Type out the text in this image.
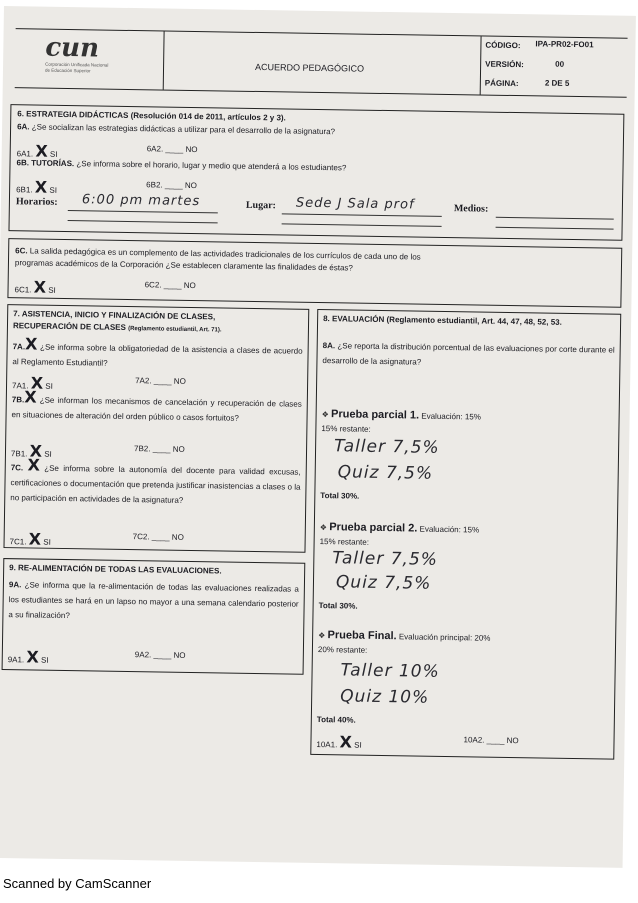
cun
Corporación Unificada Nacional
de Educación Superior	ACUERDO PEDAGÓGICO
CÓDIGO: IPA-PR02-FO01
VERSIÓN:	00
PÁGINA:	2 DE 5
6. ESTRATEGIA DIDÁCTICAS (Resolución 014 de 2011, artículos 2 y 3).
6A. ¿Se socializan las estrategias didácticas a utilizar para el desarrollo de la asignatura?
6A1. X SI
6A2. ____ NO
6B. TUTORÍAS. ¿Se informa sobre el horario, lugar y medio que atenderá a los estudiantes?
6B1. X SI
6B2. ____ NO
Horarios: 6:00 pm martes	Lugar: Sede J Sala prof	Medios:
6C. La salida pedagógica es un complemento de las actividades tradicionales de los currículos de cada uno de los
programas académicos de la Corporación ¿Se establecen claramente las finalidades de éstas?
6C1. X SI
6C2. ____ NO
7. ASISTENCIA, INICIO Y FINALIZACIÓN DE CLASES,
RECUPERACIÓN DE CLASES (Reglamento estudiantil, Art. 71).
7A.X ¿Se informa sobre la obligatoriedad de la asistencia a clases de acuerdo al Reglamento Estudiantil?
7A1. X SI
7A2. ____ NO
7B.X ¿Se informan los mecanismos de cancelación y recuperación de clases en situaciones de alteración del orden público o casos fortuitos?
7B1. X SI
7B2. ____ NO
7C. X ¿Se informa sobre la autonomía del docente para validad excusas, certificaciones o documentación que pretenda justificar inasistencias a clases o la no participación en actividades de la asignatura?
7C1. X SI
7C2. ____ NO
9. RE-ALIMENTACIÓN DE TODAS LAS EVALUACIONES.
9A. ¿Se informa que la re-alimentación de todas las evaluaciones realizadas a los estudiantes se hará en un lapso no mayor a una semana calendario posterior a su finalización?
9A1. X SI
9A2. ____ NO
8. EVALUACIÓN (Reglamento estudiantil, Art. 44, 47, 48, 52, 53.
8A. ¿Se reporta la distribución porcentual de las evaluaciones por corte durante el desarrollo de la asignatura?
❖ Prueba parcial 1. Evaluación: 15%
15% restante:
Taller 7,5%
Quiz 7,5%
Total 30%.
❖ Prueba parcial 2. Evaluación: 15%
15% restante:
Taller 7,5%
Quiz 7,5%
Total 30%.
❖ Prueba Final. Evaluación principal: 20%
20% restante:
Taller 10%
Quiz 10%
Total 40%.
10A1. X SI
10A2. ____ NO
Scanned by CamScanner
